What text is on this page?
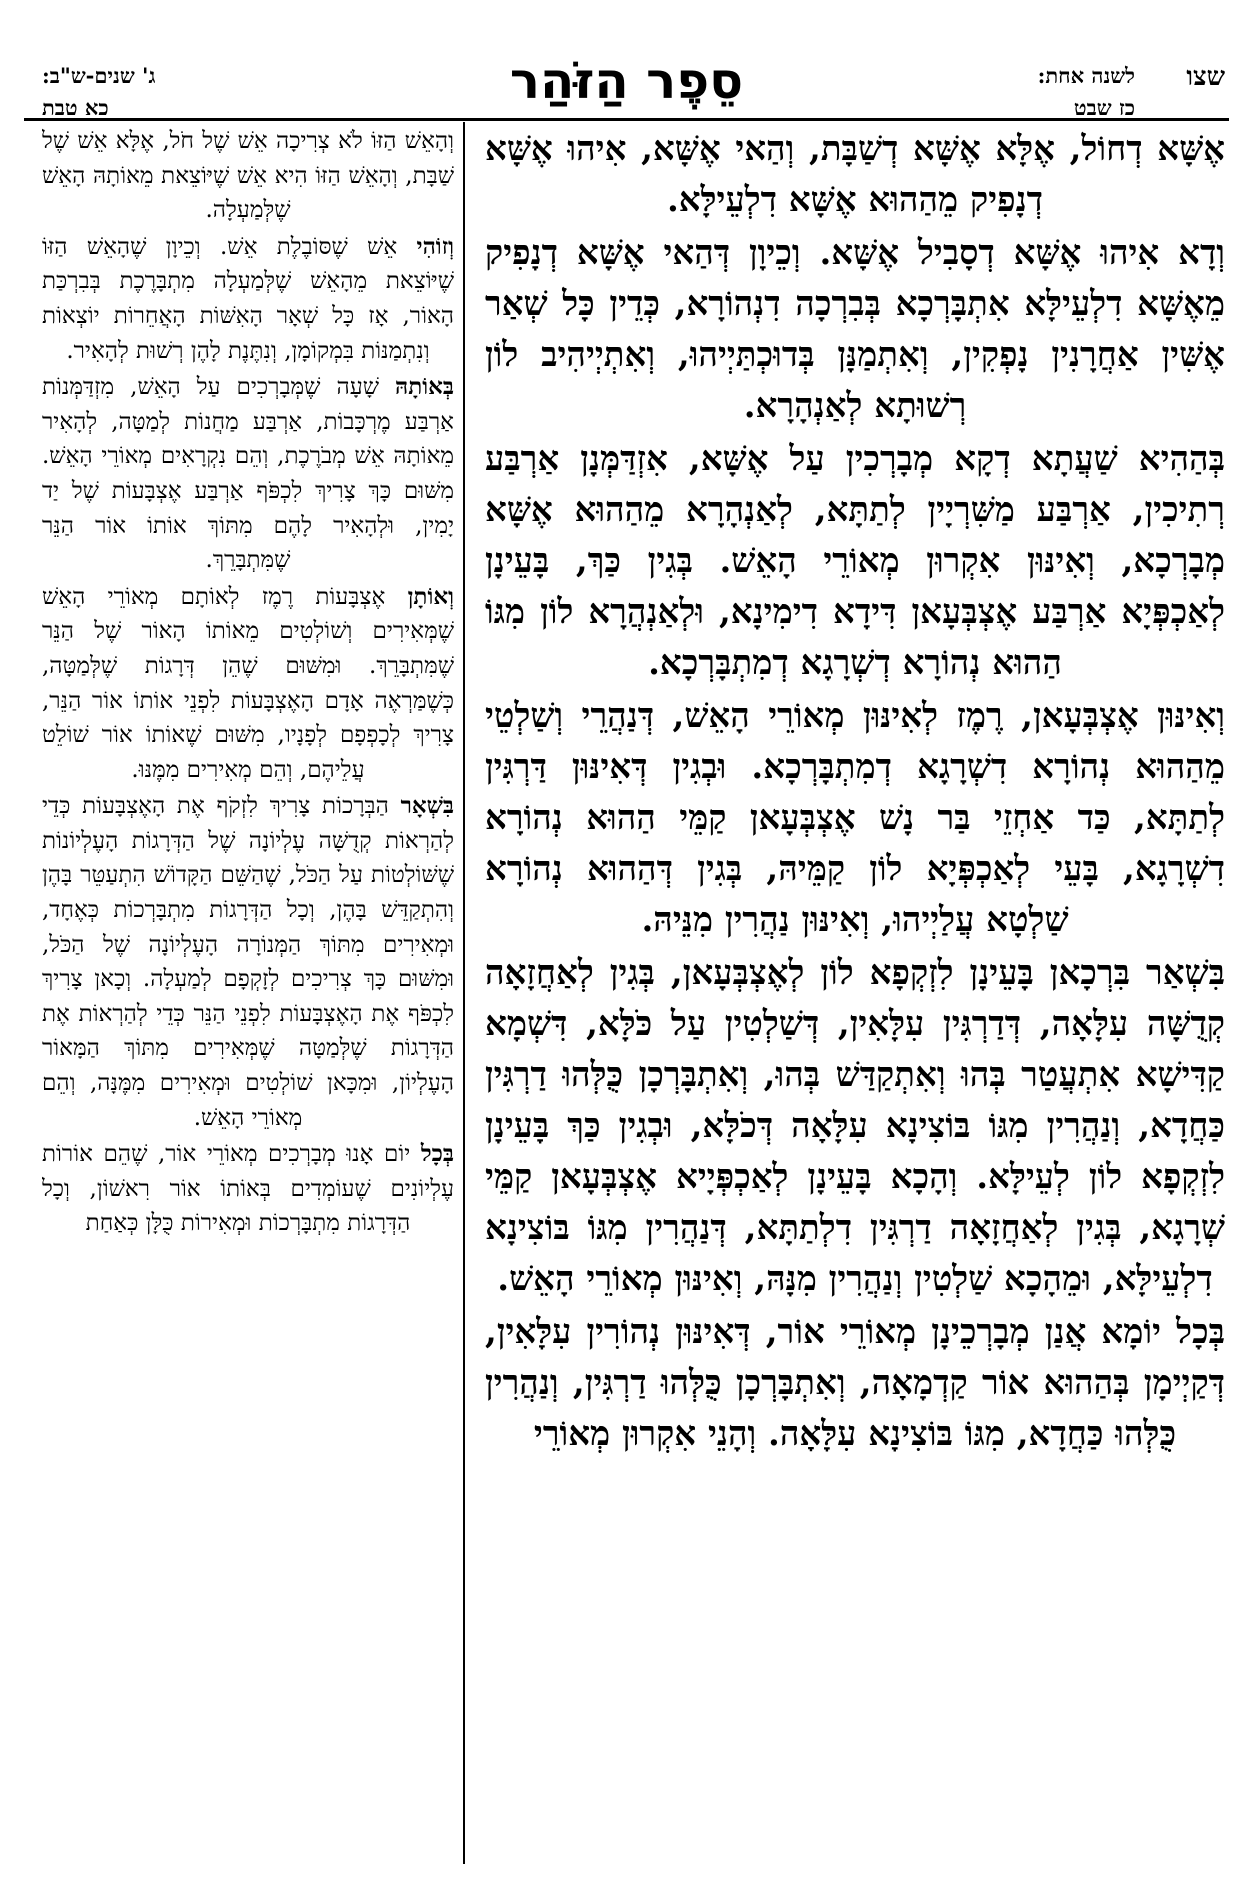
שצו
לשנה אחת:
כז שבט
סֵפֶר הַזֹּהַר
ג' שנים-ש"ב:
כא טבת

אֶשָּׁא דְחוֹל, אֶלָּא אֶשָּׁא דְשַׁבָּת, וְהַאי אֶשָּׁא, אִיהוּ אֶשָּׁא דְנָפִיק מֵהַהוּא אֶשָּׁא דִלְעֵילָּא.

וְדָא אִיהוּ אֶשָּׁא דְסָבִיל אֶשָּׁא. וְכֵיוָן דְּהַאי אֶשָּׁא דְנָפִיק מֵאֶשָּׁא דִלְעֵילָּא אִתְבָּרְכָא בְּבִרְכָה דִנְהוֹרָא, כְּדֵין כָּל שְׁאַר אֶשִּׁין אַחֲרָנִין נָפְקִין, וְאִתְמַנָּן בְּדוּכְתַּיְיהוּ, וְאִתְיְיהִיב לוֹן רְשׁוּתָא לְאַנְהָרָא.

בְּהַהִיא שַׁעֲתָא דְקָא מְבָרְכִין עַל אֶשָּׁא, אִזְדַּמְּנָן אַרְבַּע רְתִיכִין, אַרְבַּע מַשִּׁרְיָין לְתַתָּא, לְאַנְהָרָא מֵהַהוּא אֶשָּׁא מְבָרְכָא, וְאִינּוּן אִקְרוּן מְאוֹרֵי הָאֵשׁ. בְּגִין כַּךְ, בָּעֵינָן לְאַכְפְּיָא אַרְבַּע אֶצְבְּעָאן דִּידָא דִימִינָא, וּלְאַנְהֲרָא לוֹן מִגּוֹ הַהוּא נְהוֹרָא דְשְׁרָגָא דְמִתְבָּרְכָא.

וְאִינּוּן אֶצְבְּעָאן, רֶמֶז לְאִינּוּן מְאוֹרֵי הָאֵשׁ, דְּנַהֲרֵי וְשַׁלְטֵי מֵהַהוּא נְהוֹרָא דִשְׁרָגָא דְמִתְבָּרְכָא. וּבְגִין דְּאִינּוּן דַּרְגִּין לְתַתָּא, כַּד אַחְזֵי בַּר נָשׁ אֶצְבְּעָאן קַמֵּי הַהוּא נְהוֹרָא דִשְׁרָגָא, בָּעֵי לְאַכְפְּיָא לוֹן קַמֵּיהּ, בְּגִין דְּהַהוּא נְהוֹרָא שַׁלְטָא עֲלַיְיהוּ, וְאִינּוּן נַהֲרִין מִנֵּיהּ.

בִּשְׁאַר בִּרְכָאן בָּעֵינָן לִזְקְפָא לוֹן לְאֶצְבְּעָאן, בְּגִין לְאַחֲזָאָה קְדֻשָּׁה עִלָּאָה, דְּדַרְגִּין עִלָּאִין, דְּשַׁלְטִין עַל כֹּלָּא, דִּשְׁמָא קַדִּישָׁא אִתְעֲטַר בְּהוּ וְאִתְקַדַּשׁ בְּהוּ, וְאִתְבָּרְכָן כֻּלְּהוּ דַרְגִּין כַּחֲדָא, וְנַהֲרִין מִגּוֹ בּוֹצִינָא עִלָּאָה דְּכֹלָּא, וּבְגִין כַּךְ בָּעֵינָן לִזְקְפָא לוֹן לְעֵילָּא. וְהָכָא בָּעֵינָן לְאַכְפְּיָיא אֶצְבְּעָאן קַמֵּי שְׁרָגָא, בְּגִין לְאַחֲזָאָה דַרְגִּין דִלְתַתָּא, דְּנַהֲרִין מִגּוֹ בּוֹצִינָא דִלְעֵילָּא, וּמֵהָכָא שַׁלְטִין וְנַהֲרִין מִנָּהּ, וְאִינּוּן מְאוֹרֵי הָאֵשׁ.

בְּכָל יוֹמָא אֲנַן מְבָרְכֵינָן מְאוֹרֵי אוֹר, דְּאִינּוּן נְהוֹרִין עִלָּאִין, דְּקַיְימָן בְּהַהוּא אוֹר קַדְמָאָה, וְאִתְבָּרְכָן כֻּלְּהוּ דַרְגִּין, וְנַהֲרִין כֻּלְּהוּ כַּחֲדָא, מִגּוֹ בּוֹצִינָא עִלָּאָה. וְהָנֵי אִקְרוּן מְאוֹרֵי

וְהָאֵשׁ הַזּוֹ לֹא צְרִיכָה אֵשׁ שֶׁל חֹל, אֶלָּא אֵשׁ שֶׁל שַׁבָּת, וְהָאֵשׁ הַזּוֹ הִיא אֵשׁ שֶׁיּוֹצֵאת מֵאוֹתָהּ הָאֵשׁ שֶׁלְּמַעְלָה.

וְזוֹהִי אֵשׁ שֶׁסּוֹבֶלֶת אֵשׁ. וְכֵיוָן שֶׁהָאֵשׁ הַזּוֹ שֶׁיּוֹצֵאת מֵהָאֵשׁ שֶׁלְּמַעְלָה מִתְבָּרֶכֶת בְּבִרְכַּת הָאוֹר, אָז כָּל שְׁאָר הָאִשּׁוֹת הָאֲחֵרוֹת יוֹצְאוֹת וְנִתְמַנּוֹת בִּמְקוֹמָן, וְנִתֶּנֶת לָהֶן רְשׁוּת לְהָאִיר.

בְּאוֹתָהּ שָׁעָה שֶׁמְּבָרְכִים עַל הָאֵשׁ, מִזְדַּמְּנוֹת אַרְבַּע מֶרְכָּבוֹת, אַרְבַּע מַחֲנוֹת לְמַטָּה, לְהָאִיר מֵאוֹתָהּ אֵשׁ מְבֹרֶכֶת, וְהֵם נִקְרָאִים מְאוֹרֵי הָאֵשׁ. מִשּׁוּם כָּךְ צָרִיךְ לִכְפֹּף אַרְבַּע אֶצְבָּעוֹת שֶׁל יַד יָמִין, וּלְהָאִיר לָהֶם מִתּוֹךְ אוֹתוֹ אוֹר הַנֵּר שֶׁמִּתְבָּרֵךְ.

וְאוֹתָן אֶצְבָּעוֹת רֶמֶז לְאוֹתָם מְאוֹרֵי הָאֵשׁ שֶׁמְּאִירִים וְשׁוֹלְטִים מֵאוֹתוֹ הָאוֹר שֶׁל הַנֵּר שֶׁמִּתְבָּרֵךְ. וּמִשּׁוּם שֶׁהֵן דְּרָגוֹת שֶׁלְּמַטָּה, כְּשֶׁמַּרְאֶה אָדָם הָאֶצְבָּעוֹת לִפְנֵי אוֹתוֹ אוֹר הַנֵּר, צָרִיךְ לְכָפְפָם לְפָנָיו, מִשּׁוּם שֶׁאוֹתוֹ אוֹר שׁוֹלֵט עֲלֵיהֶם, וְהֵם מְאִירִים מִמֶּנּוּ.

בִּשְׁאָר הַבְּרָכוֹת צָרִיךְ לִזְקֹף אֶת הָאֶצְבָּעוֹת כְּדֵי לְהַרְאוֹת קְדֻשָּׁה עֶלְיוֹנָה שֶׁל הַדְּרָגוֹת הָעֶלְיוֹנוֹת שֶׁשּׁוֹלְטוֹת עַל הַכֹּל, שֶׁהַשֵּׁם הַקָּדוֹשׁ הִתְעַטֵּר בָּהֶן וְהִתְקַדֵּשׁ בָּהֶן, וְכָל הַדְּרָגוֹת מִתְבָּרְכוֹת כְּאֶחָד, וּמְאִירִים מִתּוֹךְ הַמְּנוֹרָה הָעֶלְיוֹנָה שֶׁל הַכֹּל, וּמִשּׁוּם כָּךְ צְרִיכִים לְזָקְפָם לְמַעְלָה. וְכָאן צָרִיךְ לִכְפֹּף אֶת הָאֶצְבָּעוֹת לִפְנֵי הַנֵּר כְּדֵי לְהַרְאוֹת אֶת הַדְּרָגוֹת שֶׁלְּמַטָּה שֶׁמְּאִירִים מִתּוֹךְ הַמָּאוֹר הָעֶלְיוֹן, וּמִכָּאן שׁוֹלְטִים וּמְאִירִים מִמֶּנָּה, וְהֵם מְאוֹרֵי הָאֵשׁ.

בְּכָל יוֹם אָנוּ מְבָרְכִים מְאוֹרֵי אוֹר, שֶׁהֵם אוֹרוֹת עֶלְיוֹנִים שֶׁעוֹמְדִים בְּאוֹתוֹ אוֹר רִאשׁוֹן, וְכָל הַדְּרָגוֹת מִתְבָּרְכוֹת וּמְאִירוֹת כֻּלָּן כְּאַחַת
